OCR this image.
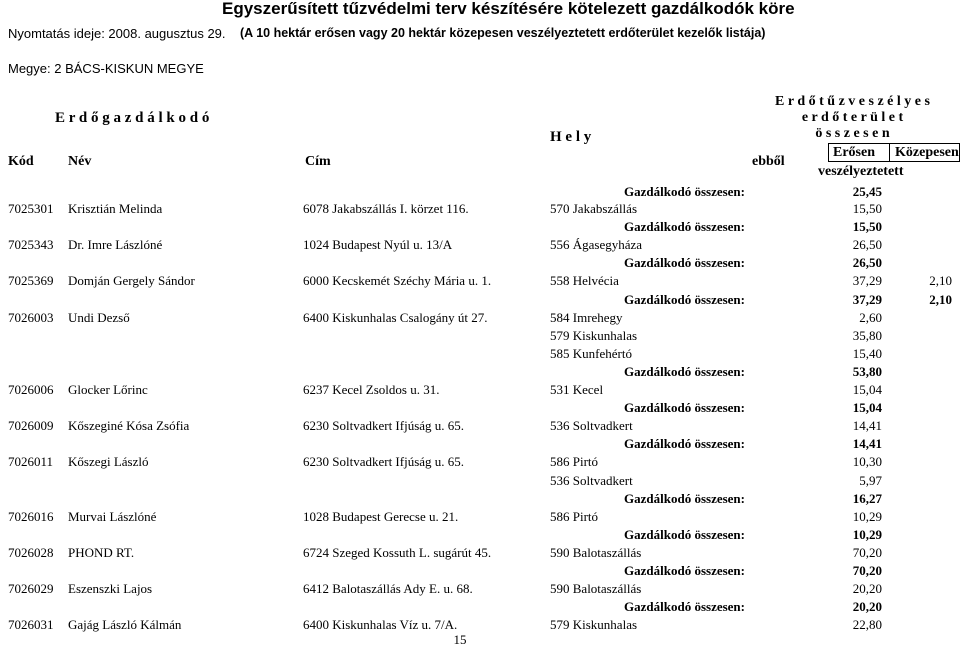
Nyomtatás ideje: 2008. augusztus 29.
Egyszerűsített tűzvédelmi terv készítésére kötelezett gazdálkodók köre
(A 10 hektár erősen vagy 20 hektár közepesen veszélyeztetett erdőterület kezelők listája)
Megye: 2 BÁCS-KISKUN MEGYE
E r d ő g a z d á l k o d ó
Kód Név	Cím
H e l y
E r d ő t ű z v e s z é l y e s
e r d ő t e r ü l e t
ö s s z e s e n
ebből
Erősen Közepesen
veszélyeztetett
Gazdálkodó összesen:	25,45
7025301 Krisztián Melinda	6078 Jakabszállás I. körzet 116.	570 Jakabszállás	15,50
Gazdálkodó összesen:	15,50
7025343 Dr. Imre Lászlóné	1024 Budapest Nyúl u. 13/A	556 Ágasegyháza	26,50
Gazdálkodó összesen:	26,50
7025369 Domján Gergely Sándor	6000 Kecskemét Széchy Mária u. 1.	558 Helvécia	37,29	2,10
Gazdálkodó összesen:	37,29	2,10
7026003 Undi Dezső	6400 Kiskunhalas Csalogány út 27.	584 Imrehegy	2,60
579 Kiskunhalas	35,80
585 Kunfehértó	15,40
Gazdálkodó összesen:	53,80
7026006 Glocker Lőrinc	6237 Kecel Zsoldos u. 31.	531 Kecel	15,04
Gazdálkodó összesen:	15,04
7026009 Kőszeginé Kósa Zsófia	6230 Soltvadkert Ifjúság u. 65.	536 Soltvadkert	14,41
Gazdálkodó összesen:	14,41
7026011 Kőszegi László	6230 Soltvadkert Ifjúság u. 65.	586 Pirtó	10,30
536 Soltvadkert	5,97
Gazdálkodó összesen:	16,27
7026016 Murvai Lászlóné	1028 Budapest Gerecse u. 21.	586 Pirtó	10,29
Gazdálkodó összesen:	10,29
7026028 PHOND RT.	6724 Szeged Kossuth L. sugárút 45.	590 Balotaszállás	70,20
Gazdálkodó összesen:	70,20
7026029 Eszenszki Lajos	6412 Balotaszállás Ady E. u. 68.	590 Balotaszállás	20,20
Gazdálkodó összesen:	20,20
7026031 Gajág László Kálmán	6400 Kiskunhalas Víz u. 7/A.	579 Kiskunhalas	22,80
15
